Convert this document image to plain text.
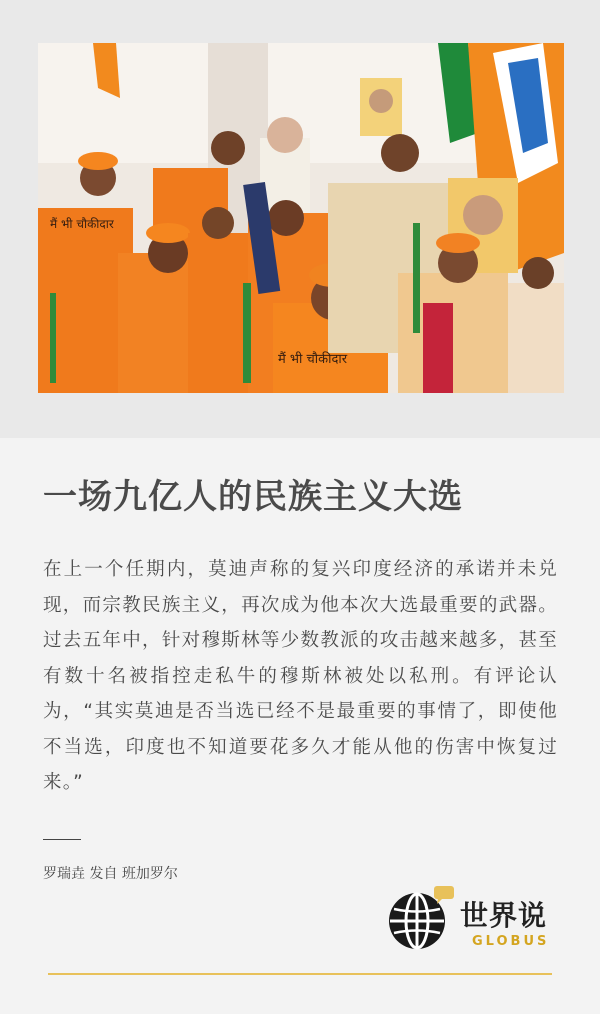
मैं भी चौकीदार
मैं भी चौकीदार
一场九亿人的民族主义大选
在上一个任期内，莫迪声称的复兴印度经济的承诺并未兑现，而宗教民族主义，再次成为他本次大选最重要的武器。过去五年中，针对穆斯林等少数教派的攻击越来越多，甚至有数十名被指控走私牛的穆斯林被处以私刑。有评论认为，“其实莫迪是否当选已经不是最重要的事情了，即使他不当选，印度也不知道要花多久才能从他的伤害中恢复过来。”
罗瑞垚 发自 班加罗尔
世界说
GLOBUS
